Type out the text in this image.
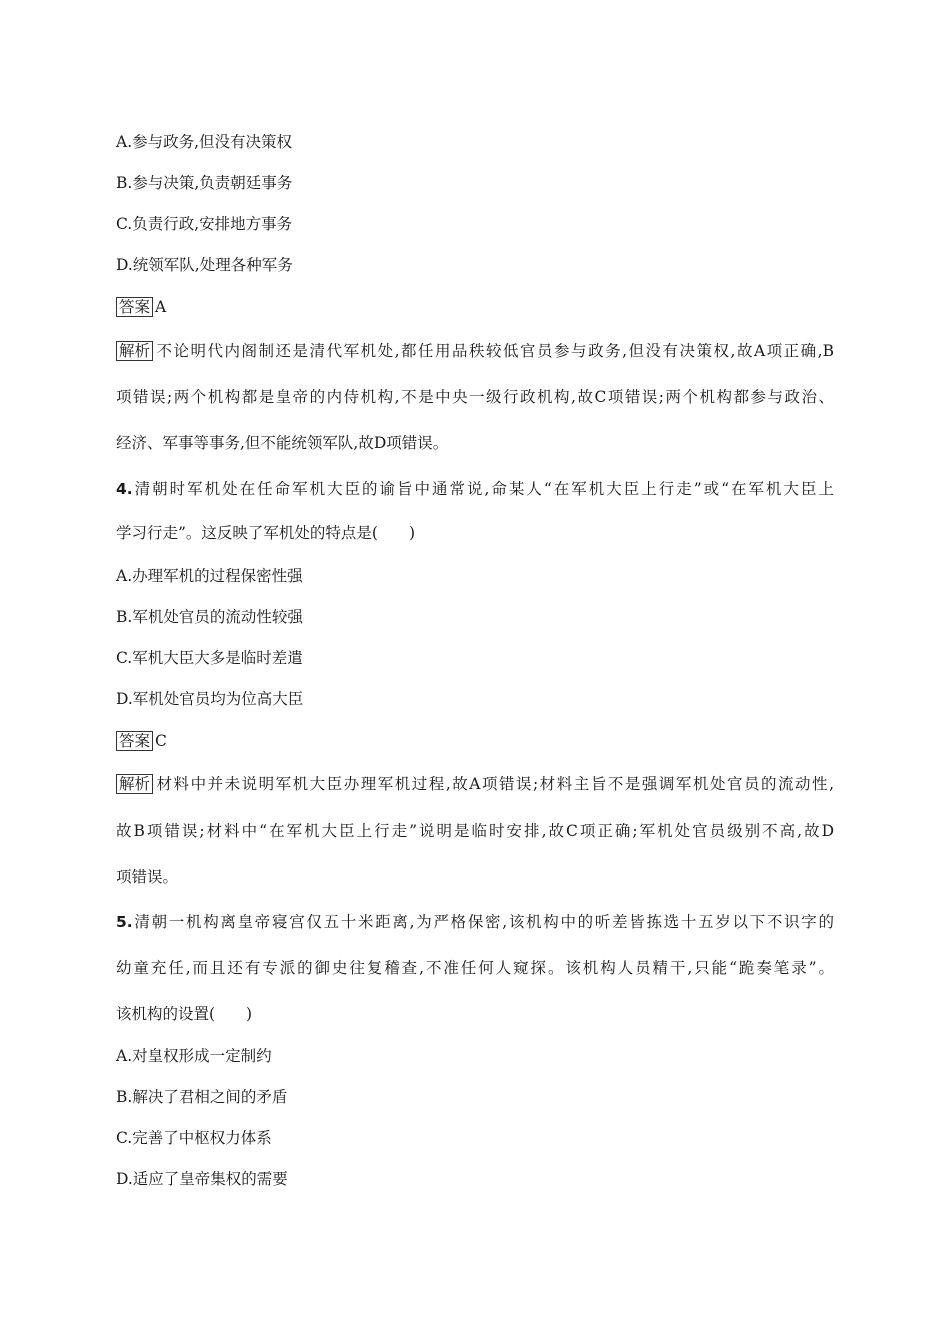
A.参与政务,但没有决策权
B.参与决策,负责朝廷事务
C.负责行政,安排地方事务
D.统领军队,处理各种军务
答案 A
解析 不论明代内阁制还是清代军机处,都任用品秩较低官员参与政务,但没有决策权,故A项正确,B
项错误;两个机构都是皇帝的内侍机构,不是中央一级行政机构,故C项错误;两个机构都参与政治、
经济、军事等事务,但不能统领军队,故D项错误。
4.清朝时军机处在任命军机大臣的谕旨中通常说,命某人“在军机大臣上行走”或“在军机大臣上
学习行走”。这反映了军机处的特点是(　　)
A.办理军机的过程保密性强
B.军机处官员的流动性较强
C.军机大臣大多是临时差遣
D.军机处官员均为位高大臣
答案 C
解析 材料中并未说明军机大臣办理军机过程,故A项错误;材料主旨不是强调军机处官员的流动性,
故B项错误;材料中“在军机大臣上行走”说明是临时安排,故C项正确;军机处官员级别不高,故D
项错误。
5.清朝一机构离皇帝寝宫仅五十米距离,为严格保密,该机构中的听差皆拣选十五岁以下不识字的
幼童充任,而且还有专派的御史往复稽查,不准任何人窥探。该机构人员精干,只能“跪奏笔录”。
该机构的设置(　　)
A.对皇权形成一定制约
B.解决了君相之间的矛盾
C.完善了中枢权力体系
D.适应了皇帝集权的需要
